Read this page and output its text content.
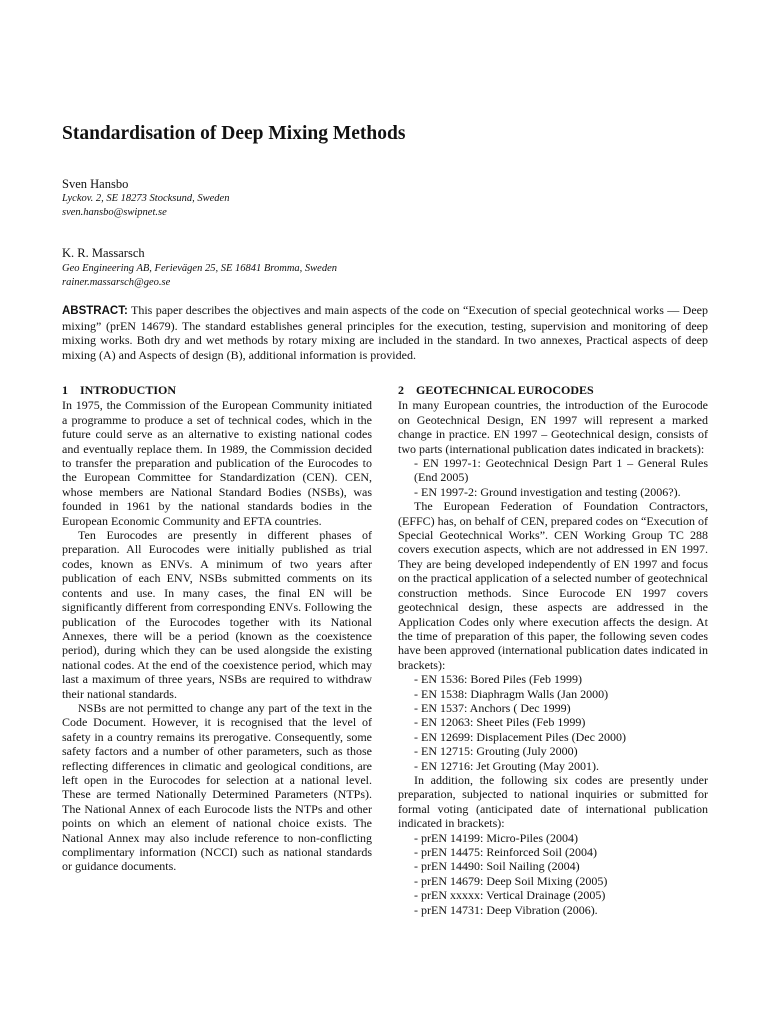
Standardisation of Deep Mixing Methods
Sven Hansbo
Lyckov. 2, SE 18273 Stocksund, Sweden
sven.hansbo@swipnet.se
K. R. Massarsch
Geo Engineering AB, Ferievägen 25, SE 16841 Bromma, Sweden
rainer.massarsch@geo.se

ABSTRACT: This paper describes the objectives and main aspects of the code on “Execution of special geotechnical works — Deep mixing” (prEN 14679). The standard establishes general principles for the execution, testing, supervision and monitoring of deep mixing works. Both dry and wet methods by rotary mixing are included in the standard. In two annexes, Practical aspects of deep mixing (A) and Aspects of design (B), additional information is provided.

1 INTRODUCTION

In 1975, the Commission of the European Community initiated a programme to produce a set of technical codes, which in the future could serve as an alternative to existing national codes and eventually replace them. In 1989, the Commission decided to transfer the preparation and publication of the Eurocodes to the European Committee for Standardization (CEN). CEN, whose members are National Standard Bodies (NSBs), was founded in 1961 by the national standards bodies in the European Economic Community and EFTA countries.

Ten Eurocodes are presently in different phases of preparation. All Eurocodes were initially published as trial codes, known as ENVs. A minimum of two years after publication of each ENV, NSBs submitted comments on its contents and use. In many cases, the final EN will be significantly different from corresponding ENVs. Following the publication of the Eurocodes together with its National Annexes, there will be a period (known as the coexistence period), during which they can be used alongside the existing national codes. At the end of the coexistence period, which may last a maximum of three years, NSBs are required to withdraw their national standards.

NSBs are not permitted to change any part of the text in the Code Document. However, it is recognised that the level of safety in a country remains its prerogative. Consequently, some safety factors and a number of other parameters, such as those reflecting differences in climatic and geological conditions, are left open in the Eurocodes for selection at a national level. These are termed Nationally Determined Parameters (NTPs). The National Annex of each Eurocode lists the NTPs and other points on which an element of national choice exists. The National Annex may also include reference to non-conflicting complimentary information (NCCI) such as national standards or guidance documents.

2 GEOTECHNICAL EUROCODES

In many European countries, the introduction of the Eurocode on Geotechnical Design, EN 1997 will represent a marked change in practice. EN 1997 – Geotechnical design, consists of two parts (international publication dates indicated in brackets):

- EN 1997-1: Geotechnical Design Part 1 – General Rules (End 2005)

- EN 1997-2: Ground investigation and testing (2006?).

The European Federation of Foundation Contractors, (EFFC) has, on behalf of CEN, prepared codes on “Execution of Special Geotechnical Works”. CEN Working Group TC 288 covers execution aspects, which are not addressed in EN 1997. They are being developed independently of EN 1997 and focus on the practical application of a selected number of geotechnical construction methods. Since Eurocode EN 1997 covers geotechnical design, these aspects are addressed in the Application Codes only where execution affects the design. At the time of preparation of this paper, the following seven codes have been approved (international publication dates indicated in brackets):

- EN 1536: Bored Piles (Feb 1999)

- EN 1538: Diaphragm Walls (Jan 2000)

- EN 1537: Anchors ( Dec 1999)

- EN 12063: Sheet Piles (Feb 1999)

- EN 12699: Displacement Piles (Dec 2000)

- EN 12715: Grouting (July 2000)

- EN 12716: Jet Grouting (May 2001).

In addition, the following six codes are presently under preparation, subjected to national inquiries or submitted for formal voting (anticipated date of international publication indicated in brackets):

- prEN 14199: Micro-Piles (2004)

- prEN 14475: Reinforced Soil (2004)

- prEN 14490: Soil Nailing (2004)

- prEN 14679: Deep Soil Mixing (2005)

- prEN xxxxx: Vertical Drainage (2005)

- prEN 14731: Deep Vibration (2006).
